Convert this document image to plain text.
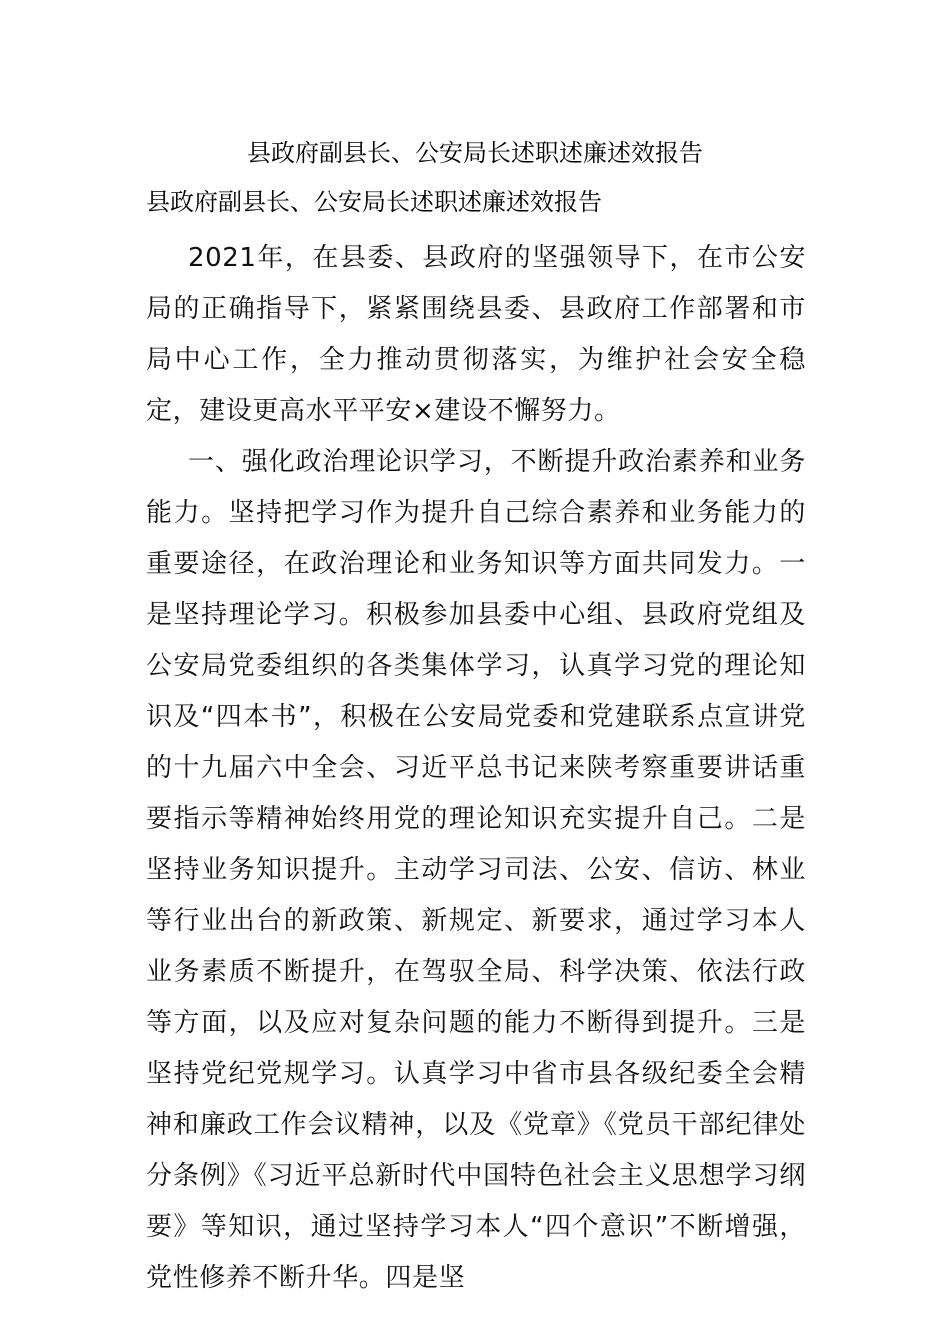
县政府副县长、公安局长述职述廉述效报告
县政府副县长、公安局长述职述廉述效报告

2021年，在县委、县政府的坚强领导下，在市公安局的正确指导下，紧紧围绕县委、县政府工作部署和市局中心工作，全力推动贯彻落实，为维护社会安全稳定，建设更高水平平安×建设不懈努力。

一、强化政治理论识学习，不断提升政治素养和业务能力。坚持把学习作为提升自己综合素养和业务能力的重要途径，在政治理论和业务知识等方面共同发力。一是坚持理论学习。积极参加县委中心组、县政府党组及公安局党委组织的各类集体学习，认真学习党的理论知识及“四本书”，积极在公安局党委和党建联系点宣讲党的十九届六中全会、习近平总书记来陕考察重要讲话重要指示等精神始终用党的理论知识充实提升自己。二是坚持业务知识提升。主动学习司法、公安、信访、林业等行业出台的新政策、新规定、新要求，通过学习本人业务素质不断提升，在驾驭全局、科学决策、依法行政等方面，以及应对复杂问题的能力不断得到提升。三是坚持党纪党规学习。认真学习中省市县各级纪委全会精神和廉政工作会议精神，以及《党章》《党员干部纪律处分条例》《习近平总新时代中国特色社会主义思想学习纲要》等知识，通过坚持学习本人“四个意识”不断增强，党性修养不断升华。四是坚
